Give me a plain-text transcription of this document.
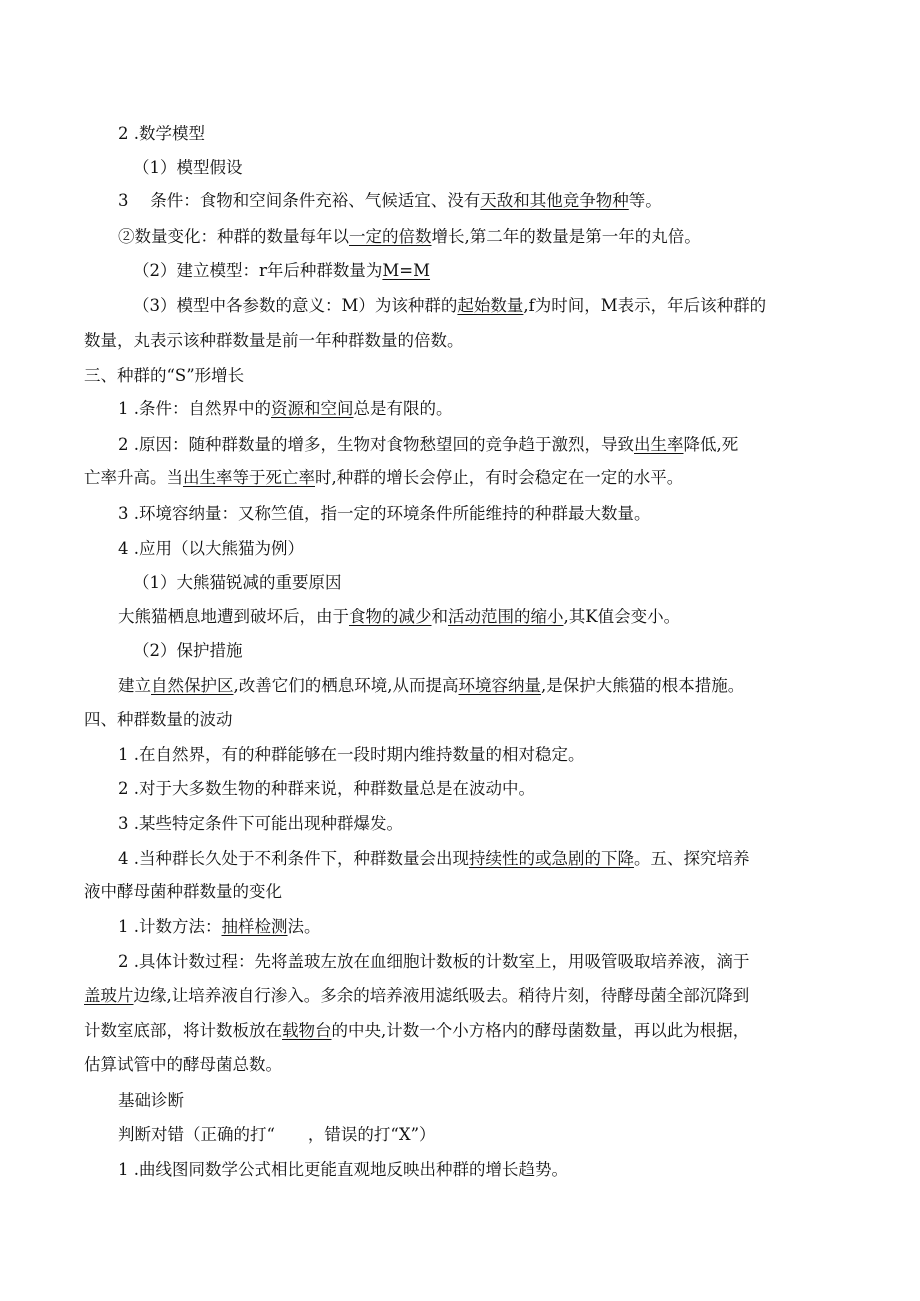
2 .数学模型

（1）模型假设

3　 条件：食物和空间条件充裕、气候适宜、没有天敌和其他竞争物种等。

②数量变化：种群的数量每年以一定的倍数增长,第二年的数量是第一年的丸倍。

（2）建立模型：r年后种群数量为M=M

（3）模型中各参数的意义：M）为该种群的起始数量,f为时间，M表示，年后该种群的

数量，丸表示该种群数量是前一年种群数量的倍数。

三、种群的“S”形增长

1 .条件：自然界中的资源和空间总是有限的。

2 .原因：随种群数量的增多，生物对食物愁望回的竞争趋于激烈，导致出生率降低,死

亡率升高。当出生率等于死亡率时,种群的增长会停止，有时会稳定在一定的水平。

3 .环境容纳量：又称竺值，指一定的环境条件所能维持的种群最大数量。

4 .应用（以大熊猫为例）

（1）大熊猫锐减的重要原因

大熊猫栖息地遭到破坏后，由于食物的减少和活动范围的缩小,其K值会变小。

（2）保护措施

建立自然保护区,改善它们的栖息环境,从而提高环境容纳量,是保护大熊猫的根本措施。

四、种群数量的波动

1 .在自然界，有的种群能够在一段时期内维持数量的相对稳定。

2 .对于大多数生物的种群来说，种群数量总是在波动中。

3 .某些特定条件下可能出现种群爆发。

4 .当种群长久处于不利条件下，种群数量会出现持续性的或急剧的下降。五、探究培养

液中酵母菌种群数量的变化

1 .计数方法：抽样检测法。

2 .具体计数过程：先将盖玻左放在血细胞计数板的计数室上，用吸管吸取培养液，滴于

盖玻片边缘,让培养液自行渗入。多余的培养液用滤纸吸去。稍待片刻，待酵母菌全部沉降到

计数室底部，将计数板放在载物台的中央,计数一个小方格内的酵母菌数量，再以此为根据，

估算试管中的酵母菌总数。

基础诊断

判断对错（正确的打“　　，错误的打“X”）

1 .曲线图同数学公式相比更能直观地反映出种群的增长趋势。
